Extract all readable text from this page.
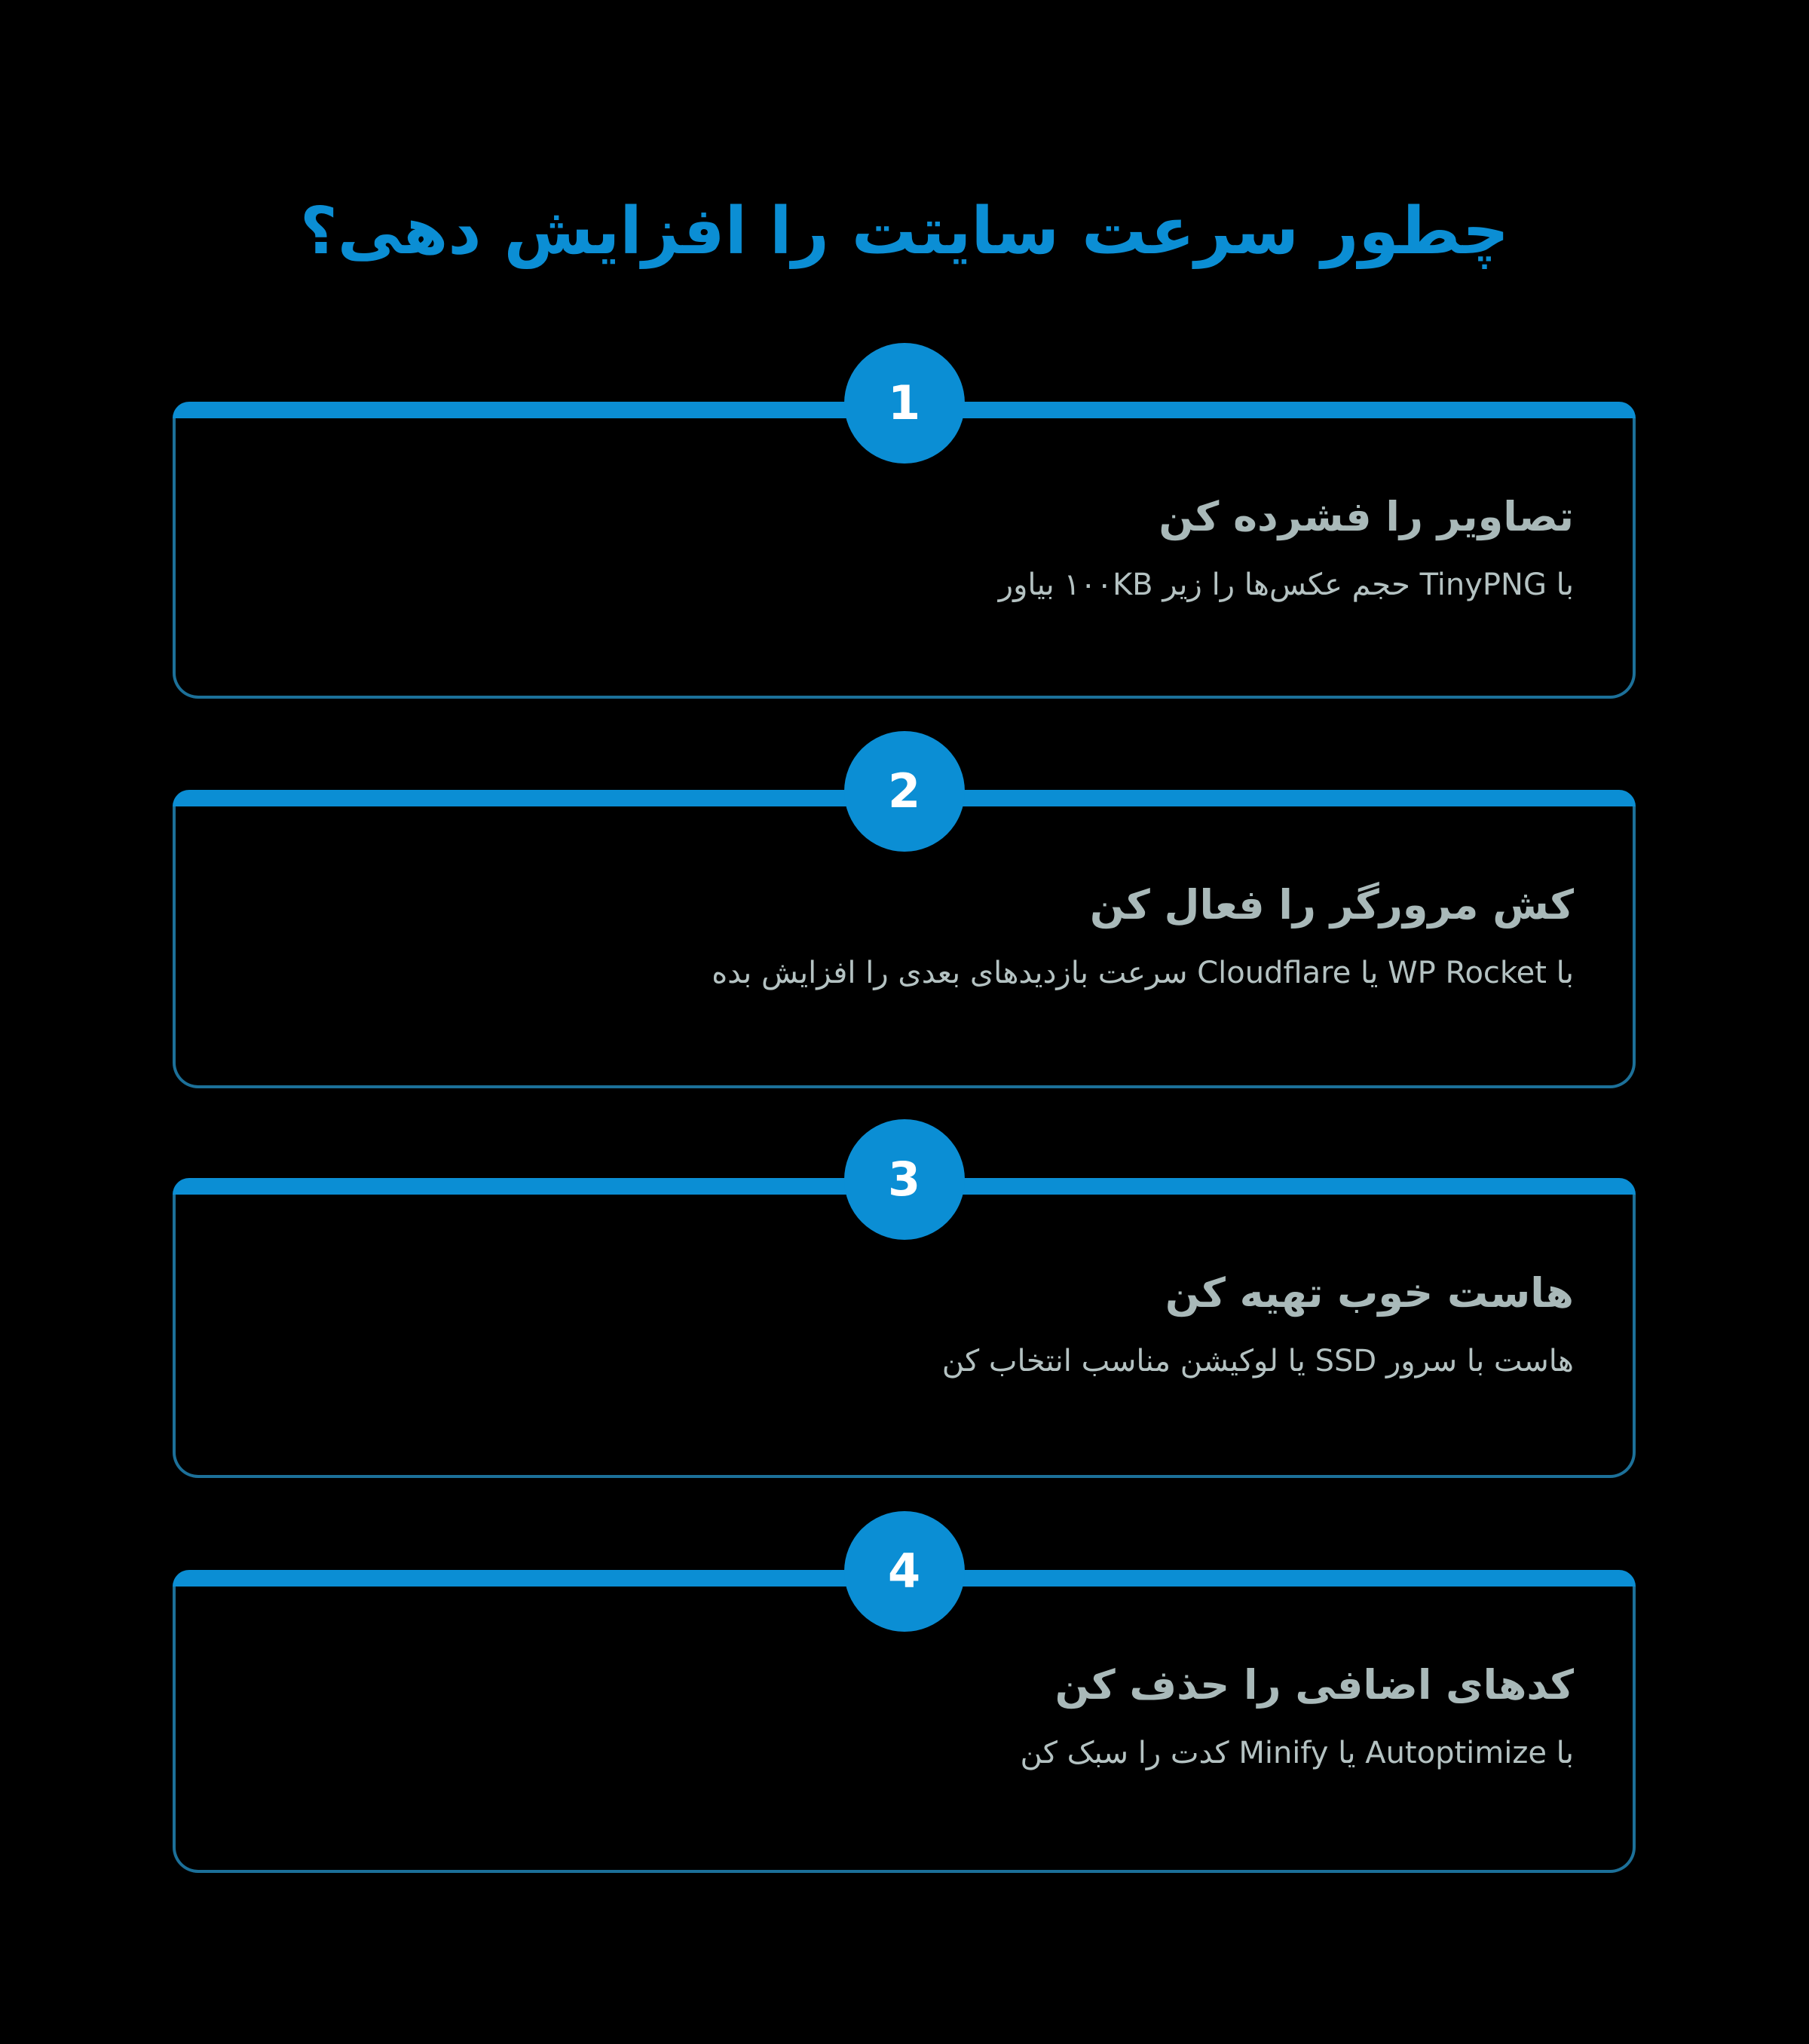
چطور سرعت سایتت را افزایش دهی؟
1
تصاویر را فشرده کن
با TinyPNG حجم عکس‌ها را زیر ۱۰۰KB بیاور
2
کش مرورگر را فعال کن
با WP Rocket یا Cloudflare سرعت بازدیدهای بعدی را افزایش بده
3
هاست خوب تهیه کن
هاست با سرور SSD یا لوکیشن مناسب انتخاب کن
4
کدهای اضافی را حذف کن
با Autoptimize یا Minify کدت را سبک کن
